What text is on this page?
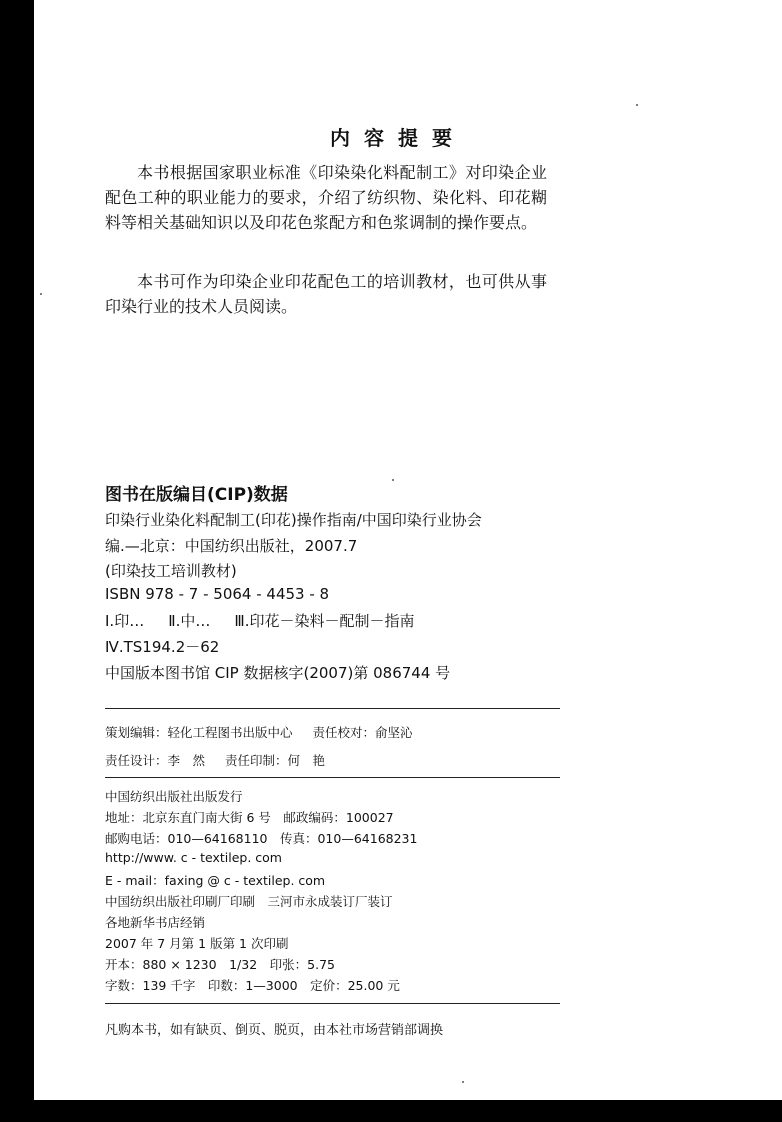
内容提要

本书根据国家职业标准《印染染化料配制工》对印染企业配色工种的职业能力的要求，介绍了纺织物、染化料、印花糊料等相关基础知识以及印花色浆配方和色浆调制的操作要点。

本书可作为印染企业印花配色工的培训教材，也可供从事印染行业的技术人员阅读。

图书在版编目(CIP)数据
印染行业染化料配制工(印花)操作指南/中国印染行业协会
编.—北京：中国纺织出版社，2007.7
(印染技工培训教材)
ISBN 978 - 7 - 5064 - 4453 - 8
Ⅰ.印… Ⅱ.中… Ⅲ.印花－染料－配制－指南
Ⅳ.TS194.2－62
中国版本图书馆 CIP 数据核字(2007)第 086744 号
策划编辑：轻化工程图书出版中心 责任校对：俞坚沁
责任设计：李　然 责任印制：何　艳
中国纺织出版社出版发行
地址：北京东直门南大街 6 号　邮政编码：100027
邮购电话：010—64168110　传真：010—64168231
http://www. c - textilep. com
E - mail：faxing @ c - textilep. com
中国纺织出版社印刷厂印刷　三河市永成装订厂装订
各地新华书店经销
2007 年 7 月第 1 版第 1 次印刷
开本：880 × 1230　1/32　印张：5.75
字数：139 千字　印数：1—3000　定价：25.00 元
凡购本书，如有缺页、倒页、脱页，由本社市场营销部调换
